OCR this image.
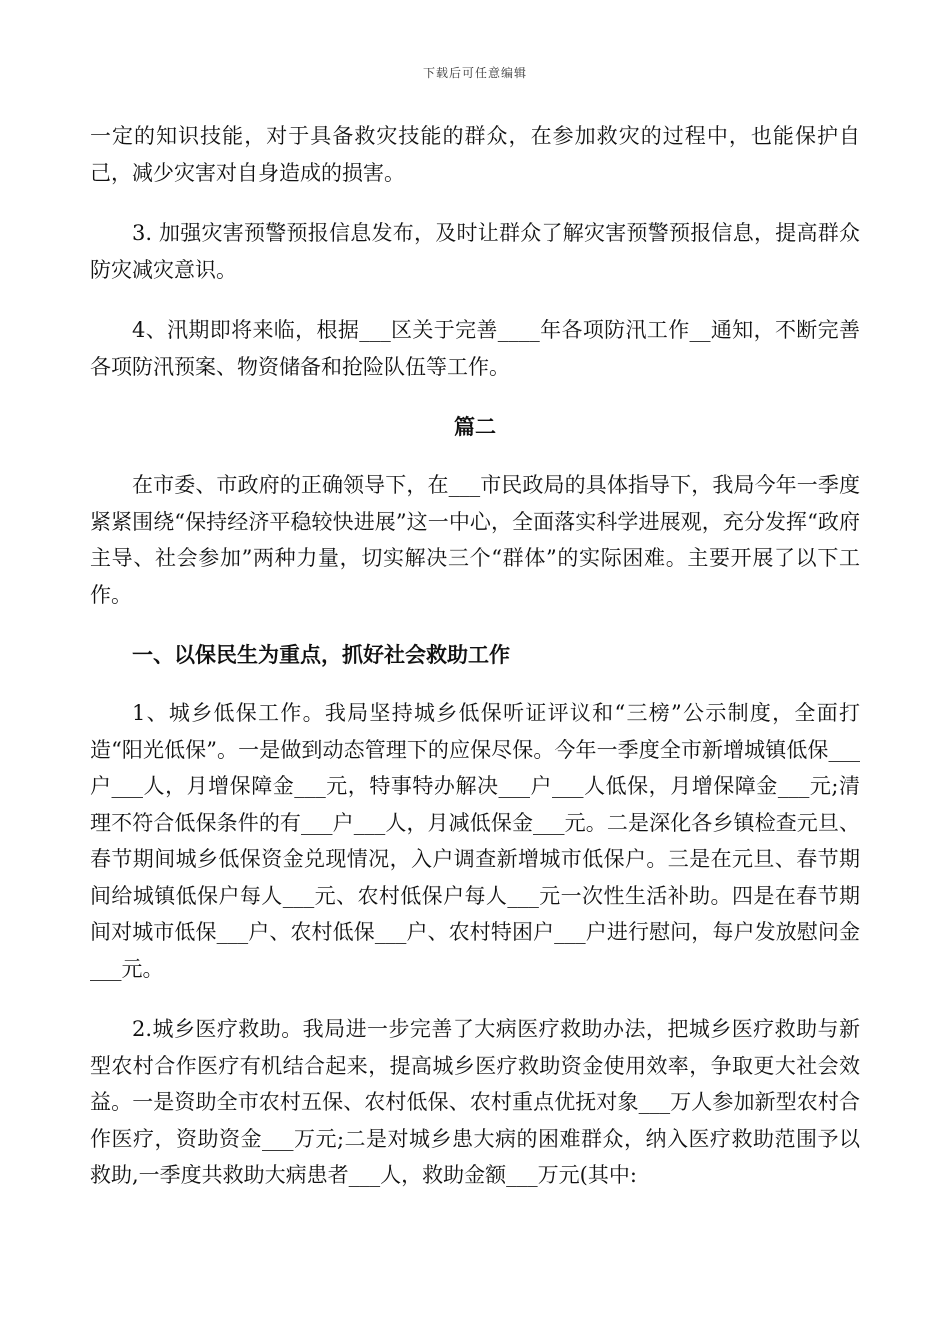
下载后可任意编辑

一定的知识技能，对于具备救灾技能的群众，在参加救灾的过程中，也能保护自己，减少灾害对自身造成的损害。

3. 加强灾害预警预报信息发布，及时让群众了解灾害预警预报信息，提高群众防灾减灾意识。

4、汛期即将来临，根据___区关于完善____年各项防汛工作__通知，不断完善各项防汛预案、物资储备和抢险队伍等工作。

篇二

在市委、市政府的正确领导下，在___市民政局的具体指导下，我局今年一季度紧紧围绕“保持经济平稳较快进展”这一中心，全面落实科学进展观，充分发挥“政府主导、社会参加”两种力量，切实解决三个“群体”的实际困难。主要开展了以下工作。

一、以保民生为重点，抓好社会救助工作

1、城乡低保工作。我局坚持城乡低保听证评议和“三榜”公示制度，全面打造“阳光低保”。一是做到动态管理下的应保尽保。今年一季度全市新增城镇低保___户___人，月增保障金___元，特事特办解决___户___人低保，月增保障金___元;清理不符合低保条件的有___户___人，月减低保金___元。二是深化各乡镇检查元旦、春节期间城乡低保资金兑现情况，入户调查新增城市低保户。三是在元旦、春节期间给城镇低保户每人___元、农村低保户每人___元一次性生活补助。四是在春节期间对城市低保___户、农村低保___户、农村特困户___户进行慰问，每户发放慰问金___元。

2.城乡医疗救助。我局进一步完善了大病医疗救助办法，把城乡医疗救助与新型农村合作医疗有机结合起来，提高城乡医疗救助资金使用效率，争取更大社会效益。一是资助全市农村五保、农村低保、农村重点优抚对象___万人参加新型农村合作医疗，资助资金___万元;二是对城乡患大病的困难群众，纳入医疗救助范围予以救助,一季度共救助大病患者___人，救助金额___万元(其中:
